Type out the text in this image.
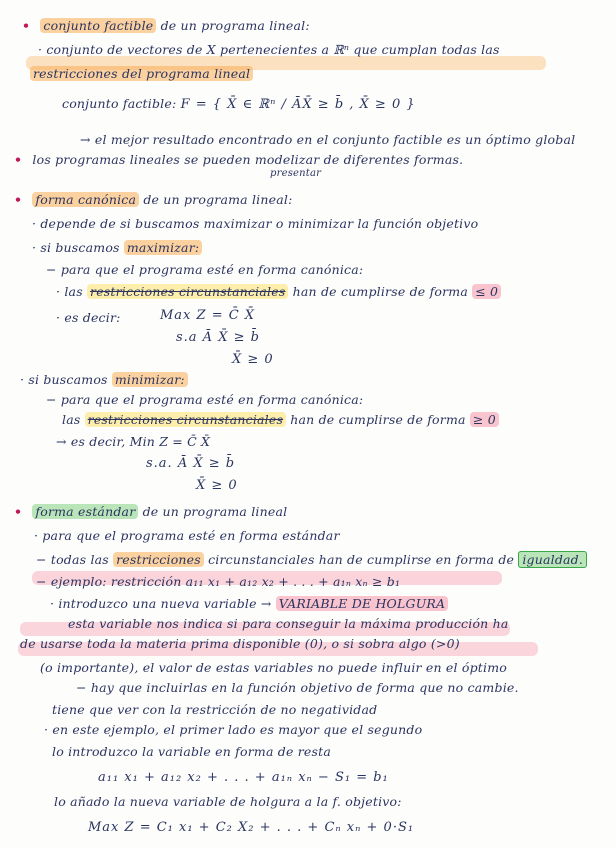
• conjunto factible de un programa lineal:
· conjunto de vectores de X pertenecientes a ℝⁿ que cumplan todas las
restricciones del programa lineal
conjunto factible: F = { X̄ ∈ ℝⁿ / ĀX̄ ≥ b̄ , X̄ ≥ 0 }
→ el mejor resultado encontrado en el conjunto factible es un óptimo global
• los programas lineales se pueden modelizar de diferentes formas.
presentar
• forma canónica de un programa lineal:
· depende de si buscamos maximizar o minimizar la función objetivo
· si buscamos maximizar:
− para que el programa esté en forma canónica:
· las restricciones circunstanciales han de cumplirse de forma ≤ 0
· es decir:	Max Z = C̄ X̄
s.a Ā X̄ ≥ b̄
X̄ ≥ 0
· si buscamos minimizar:
− para que el programa esté en forma canónica:
las restricciones circunstanciales han de cumplirse de forma ≥ 0
→ es decir, Min Z = C̄ X̄
s.a. Ā X̄ ≥ b̄
X̄ ≥ 0
• forma estándar de un programa lineal
· para que el programa esté en forma estándar
− todas las restricciones circunstanciales han de cumplirse en forma de igualdad.
− ejemplo: restricción a₁₁ x₁ + a₁₂ x₂ + . . . + a₁ₙ xₙ ≥ b₁
· introduzco una nueva variable → VARIABLE DE HOLGURA
esta variable nos indica si para conseguir la máxima producción ha
de usarse toda la materia prima disponible (0), o si sobra algo (>0)
(o importante), el valor de estas variables no puede influir en el óptimo
− hay que incluirlas en la función objetivo de forma que no cambie.
tiene que ver con la restricción de no negatividad
· en este ejemplo, el primer lado es mayor que el segundo
lo introduzco la variable en forma de resta
a₁₁ x₁ + a₁₂ x₂ + . . . + a₁ₙ xₙ − S₁ = b₁
lo añado la nueva variable de holgura a la f. objetivo:
Max Z = C₁ x₁ + C₂ X₂ + . . . + Cₙ xₙ + 0·S₁
